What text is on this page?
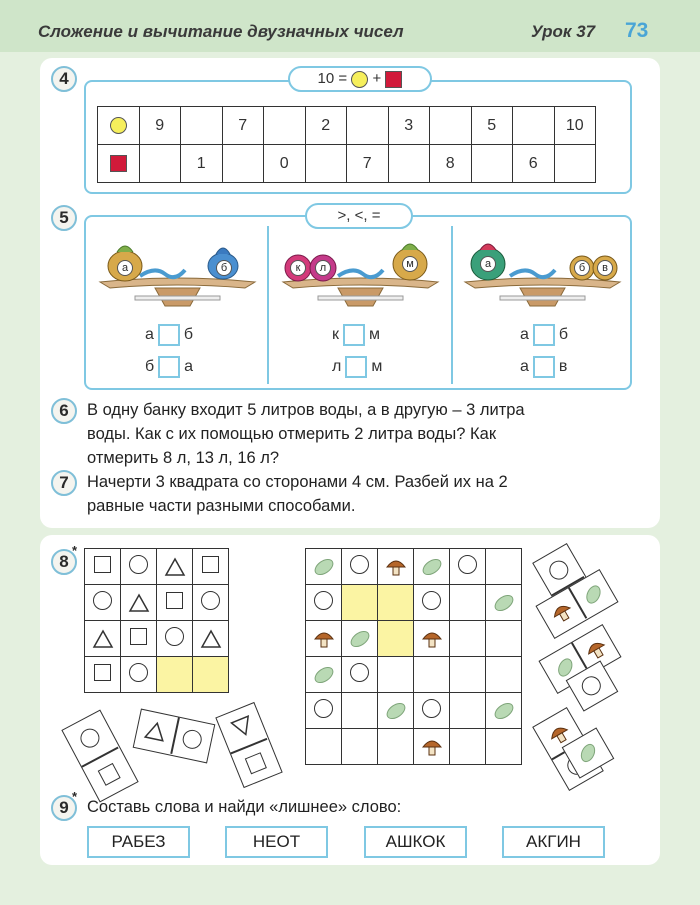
Сложение и вычитание двузначных чисел	Урок 37 73
4	10 = +
	9		7		2		3		5		10
		1		0		7		8		6	
5	>, <, =
а	б
а б
б а
к	л	м
к м
л м
а	б	в
а б
а в
6	В одну банку входит 5 литров воды, а в другую – 3 литра
воды. Как с их помощью отмерить 2 литра воды? Как
отмерить 8 л, 13 л, 16 л?
7	Начерти 3 квадрата со сторонами 4 см. Разбей их на 2
равные части разными способами.
8
*

9
*
Составь слова и найди «лишнее» слово:
РАБЕЗ	НЕОТ	АШКОК	АКГИН
